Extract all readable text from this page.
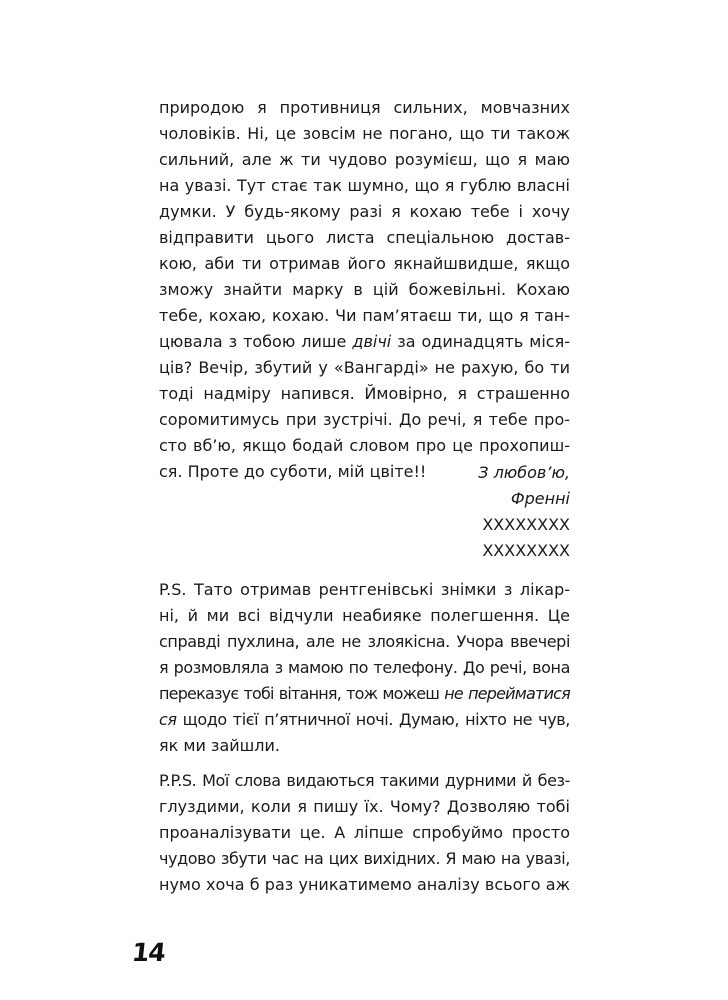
природою я противниця сильних, мовчазних
чоловіків. Ні, це зовсім не погано, що ти також
сильний, але ж ти чудово розумієш, що я маю
на увазі. Тут стає так шумно, що я гублю власні
думки. У будь-якому разі я кохаю тебе і хочу
відправити цього листа спеціальною достав-
кою, аби ти отримав його якнайшвидше, якщо
зможу знайти марку в цій божевільні. Кохаю
тебе, кохаю, кохаю. Чи пам’ятаєш ти, що я тан-
цювала з тобою лише двічі за одинадцять міся-
ців? Вечір, збутий у «Вангарді» не рахую, бо ти
тоді надміру напився. Ймовірно, я страшенно
соромитимусь при зустрічі. До речі, я тебе про-
сто вб’ю, якщо бодай словом про це прохопиш-
ся. Проте до суботи, мій цвіте!!	З любов’ю,
Френні
ХХХХХХХХ
ХХХХХХХХ
P.S. Тато отримав рентгенівські знімки з лікар-
ні, й ми всі відчули неабияке полегшення. Це
справді пухлина, але не злоякісна. Учора ввечері
я розмовляла з мамою по телефону. До речі, вона
переказує тобі вітання, тож можеш не перейматися
ся щодо тієї п’ятничної ночі. Думаю, ніхто не чув,
як ми зайшли.
P.P.S. Мої слова видаються такими дурними й без-
глуздими, коли я пишу їх. Чому? Дозволяю тобі
проаналізувати це. А ліпше спробуймо просто
чудово збути час на цих вихідних. Я маю на увазі,
нумо хоча б раз уникатимемо аналізу всього аж
14
